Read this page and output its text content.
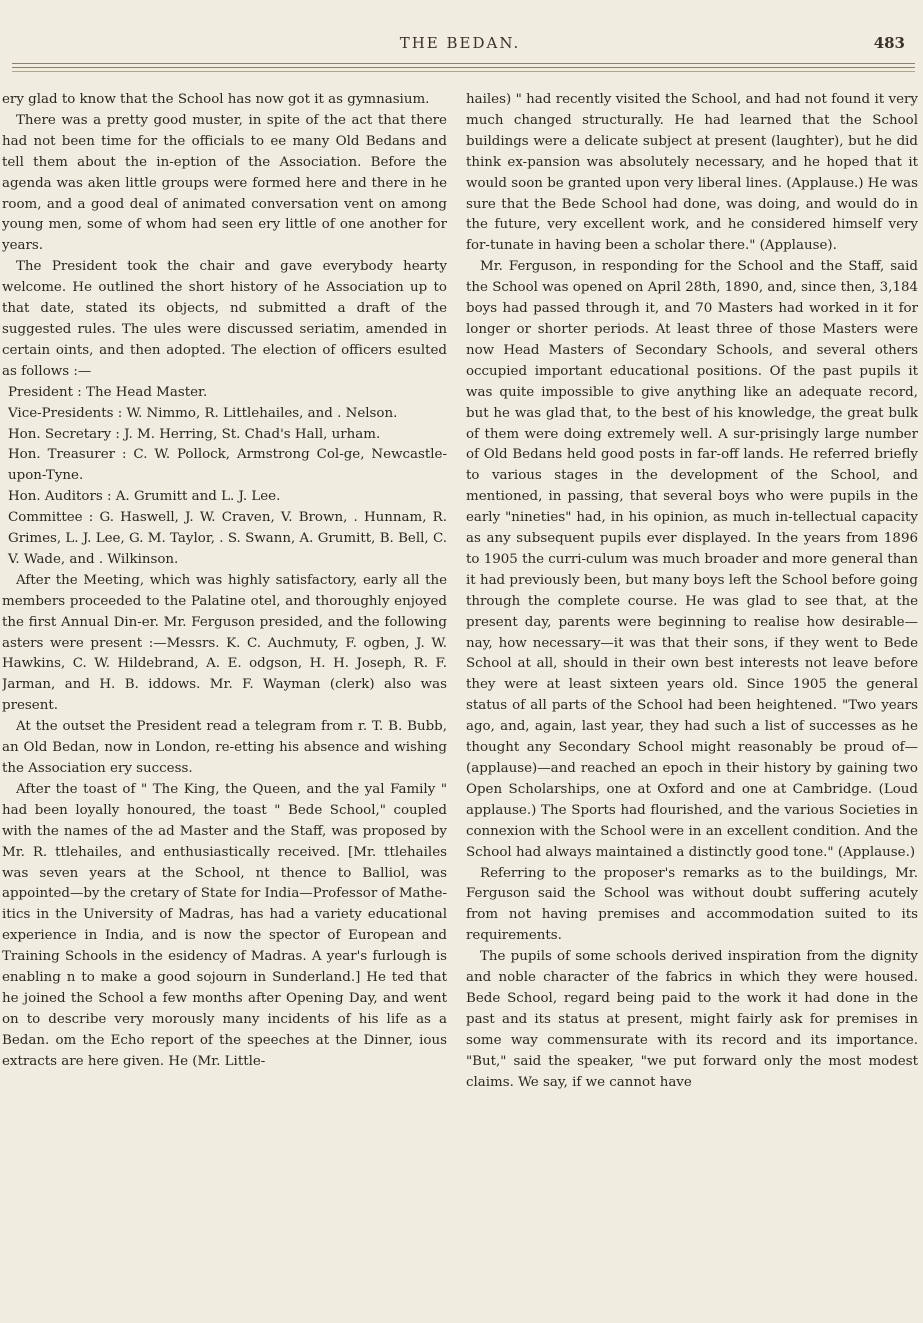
THE BEDAN.	483

ery glad to know that the School has now got it as gymnasium.

There was a pretty good muster, in spite of the act that there had not been time for the officials to ee many Old Bedans and tell them about the in-eption of the Association. Before the agenda was aken little groups were formed here and there in he room, and a good deal of animated conversation vent on among young men, some of whom had seen ery little of one another for years.

The President took the chair and gave everybody hearty welcome. He outlined the short history of he Association up to that date, stated its objects, nd submitted a draft of the suggested rules. The ules were discussed seriatim, amended in certain oints, and then adopted. The election of officers esulted as follows :—

President : The Head Master.

Vice-Presidents : W. Nimmo, R. Littlehailes, and . Nelson.

Hon. Secretary : J. M. Herring, St. Chad's Hall, urham.

Hon. Treasurer : C. W. Pollock, Armstrong Col-ge, Newcastle-upon-Tyne.

Hon. Auditors : A. Grumitt and L. J. Lee.

Committee : G. Haswell, J. W. Craven, V. Brown, . Hunnam, R. Grimes, L. J. Lee, G. M. Taylor, . S. Swann, A. Grumitt, B. Bell, C. V. Wade, and . Wilkinson.

After the Meeting, which was highly satisfactory, early all the members proceeded to the Palatine otel, and thoroughly enjoyed the first Annual Din-er. Mr. Ferguson presided, and the following asters were present :—Messrs. K. C. Auchmuty, F. ogben, J. W. Hawkins, C. W. Hildebrand, A. E. odgson, H. H. Joseph, R. F. Jarman, and H. B. iddows. Mr. F. Wayman (clerk) also was present.

At the outset the President read a telegram from r. T. B. Bubb, an Old Bedan, now in London, re-etting his absence and wishing the Association ery success.

After the toast of " The King, the Queen, and the yal Family " had been loyally honoured, the toast " Bede School," coupled with the names of the ad Master and the Staff, was proposed by Mr. R. ttlehailes, and enthusiastically received. [Mr. ttlehailes was seven years at the School, nt thence to Balliol, was appointed—by the cretary of State for India—Professor of Mathe-itics in the University of Madras, has had a variety educational experience in India, and is now the spector of European and Training Schools in the esidency of Madras. A year's furlough is enabling n to make a good sojourn in Sunderland.] He ted that he joined the School a few months after Opening Day, and went on to describe very morously many incidents of his life as a Bedan. om the Echo report of the speeches at the Dinner, ious extracts are here given. He (Mr. Little-

hailes) " had recently visited the School, and had not found it very much changed structurally. He had learned that the School buildings were a delicate subject at present (laughter), but he did think ex-pansion was absolutely necessary, and he hoped that it would soon be granted upon very liberal lines. (Applause.) He was sure that the Bede School had done, was doing, and would do in the future, very excellent work, and he considered himself very for-tunate in having been a scholar there." (Applause).

Mr. Ferguson, in responding for the School and the Staff, said the School was opened on April 28th, 1890, and, since then, 3,184 boys had passed through it, and 70 Masters had worked in it for longer or shorter periods. At least three of those Masters were now Head Masters of Secondary Schools, and several others occupied important educational positions. Of the past pupils it was quite impossible to give anything like an adequate record, but he was glad that, to the best of his knowledge, the great bulk of them were doing extremely well. A sur-prisingly large number of Old Bedans held good posts in far-off lands. He referred briefly to various stages in the development of the School, and mentioned, in passing, that several boys who were pupils in the early "nineties" had, in his opinion, as much in-tellectual capacity as any subsequent pupils ever displayed. In the years from 1896 to 1905 the curri-culum was much broader and more general than it had previously been, but many boys left the School before going through the complete course. He was glad to see that, at the present day, parents were beginning to realise how desirable—nay, how necessary—it was that their sons, if they went to Bede School at all, should in their own best interests not leave before they were at least sixteen years old. Since 1905 the general status of all parts of the School had been heightened. "Two years ago, and, again, last year, they had such a list of successes as he thought any Secondary School might reasonably be proud of—(applause)—and reached an epoch in their history by gaining two Open Scholarships, one at Oxford and one at Cambridge. (Loud applause.) The Sports had flourished, and the various Societies in connexion with the School were in an excellent condition. And the School had always maintained a distinctly good tone." (Applause.)

Referring to the proposer's remarks as to the buildings, Mr. Ferguson said the School was without doubt suffering acutely from not having premises and accommodation suited to its requirements.

The pupils of some schools derived inspiration from the dignity and noble character of the fabrics in which they were housed. Bede School, regard being paid to the work it had done in the past and its status at present, might fairly ask for premises in some way commensurate with its record and its importance. "But," said the speaker, "we put forward only the most modest claims. We say, if we cannot have
